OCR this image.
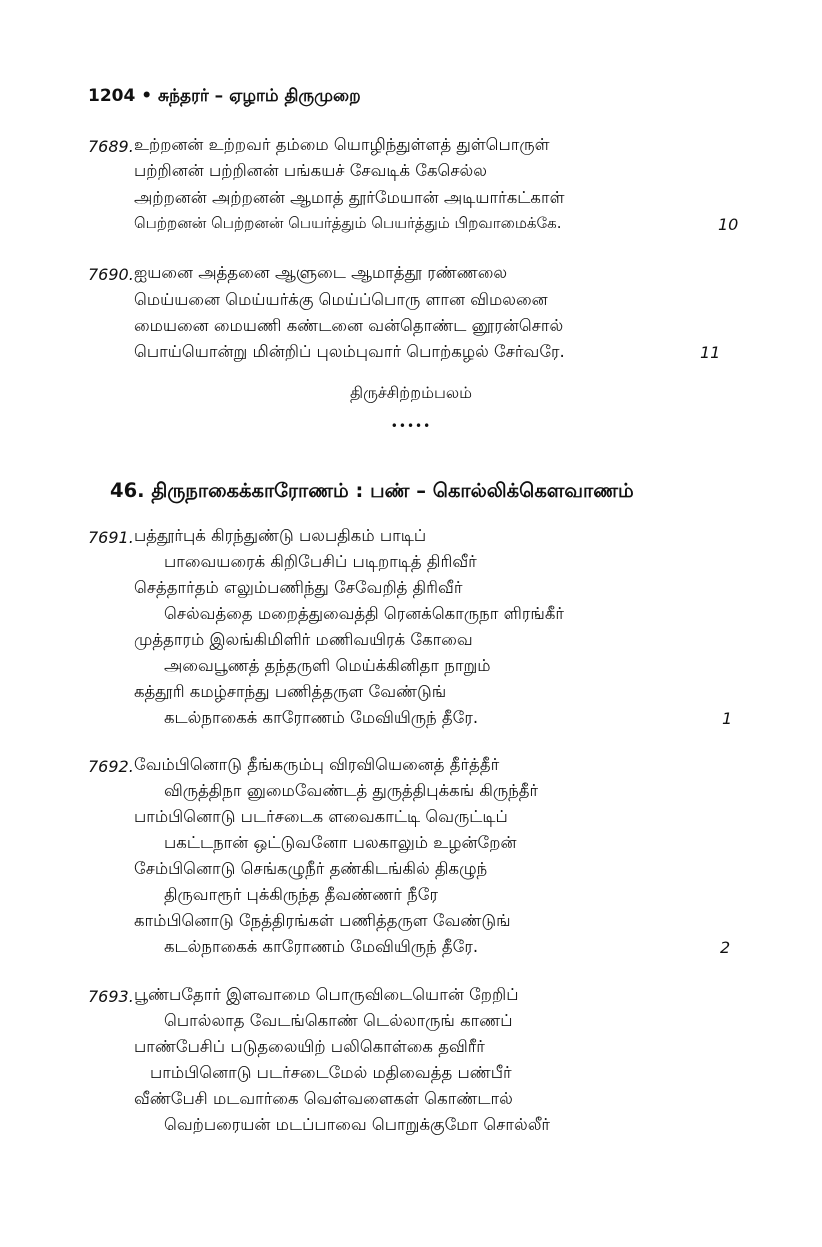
1204 • சுந்தரர் – ஏழாம் திருமுறை
7689. உற்றனன் உற்றவர் தம்மை யொழிந்துள்ளத் துள்பொருள்
பற்றினன் பற்றினன் பங்கயச் சேவடிக் கேசெல்ல
அற்றனன் அற்றனன் ஆமாத் தூர்மேயான் அடியார்கட்காள்
பெற்றனன் பெற்றனன் பெயர்த்தும் பெயர்த்தும் பிறவாமைக்கே.	10
7690. ஐயனை அத்தனை ஆளுடை ஆமாத்தூ ரண்ணலை
மெய்யனை மெய்யர்க்கு மெய்ப்பொரு ளான விமலனை
மையனை மையணி கண்டனை வன்தொண்ட னூரன்சொல்
பொய்யொன்று மின்றிப் புலம்புவார் பொற்கழல் சேர்வரே.	11
திருச்சிற்றம்பலம்
•••••
46. திருநாகைக்காரோணம் : பண் – கொல்லிக்கௌவாணம்
7691. பத்தூர்புக் கிரந்துண்டு பலபதிகம் பாடிப்
பாவையரைக் கிறிபேசிப் படிறாடித் திரிவீர்
செத்தார்தம் எலும்பணிந்து சேவேறித் திரிவீர்
செல்வத்தை மறைத்துவைத்தி ரெனக்கொருநா ளிரங்கீர்
முத்தாரம் இலங்கிமிளிர் மணிவயிரக் கோவை
அவைபூணத் தந்தருளி மெய்க்கினிதா நாறும்
கத்தூரி கமழ்சாந்து பணித்தருள வேண்டுங்
கடல்நாகைக் காரோணம் மேவியிருந் தீரே.	1
7692. வேம்பினொடு தீங்கரும்பு விரவியெனைத் தீர்த்தீர்
விருத்திநா னுமைவேண்டத் துருத்திபுக்கங் கிருந்தீர்
பாம்பினொடு படர்சடைக ளவைகாட்டி வெருட்டிப்
பகட்டநான் ஒட்டுவனோ பலகாலும் உழன்றேன்
சேம்பினொடு செங்கழுநீர் தண்கிடங்கில் திகழுந்
திருவாரூர் புக்கிருந்த தீவண்ணர் நீரே
காம்பினொடு நேத்திரங்கள் பணித்தருள வேண்டுங்
கடல்நாகைக் காரோணம் மேவியிருந் தீரே.	2
7693. பூண்பதோர் இளவாமை பொருவிடையொன் றேறிப்
பொல்லாத வேடங்கொண் டெல்லாருங் காணப்
பாண்பேசிப் படுதலையிற் பலிகொள்கை தவிரீர்
பாம்பினொடு படர்சடைமேல் மதிவைத்த பண்பீர்
வீண்பேசி மடவார்கை வெள்வளைகள் கொண்டால்
வெற்பரையன் மடப்பாவை பொறுக்குமோ சொல்லீர்
